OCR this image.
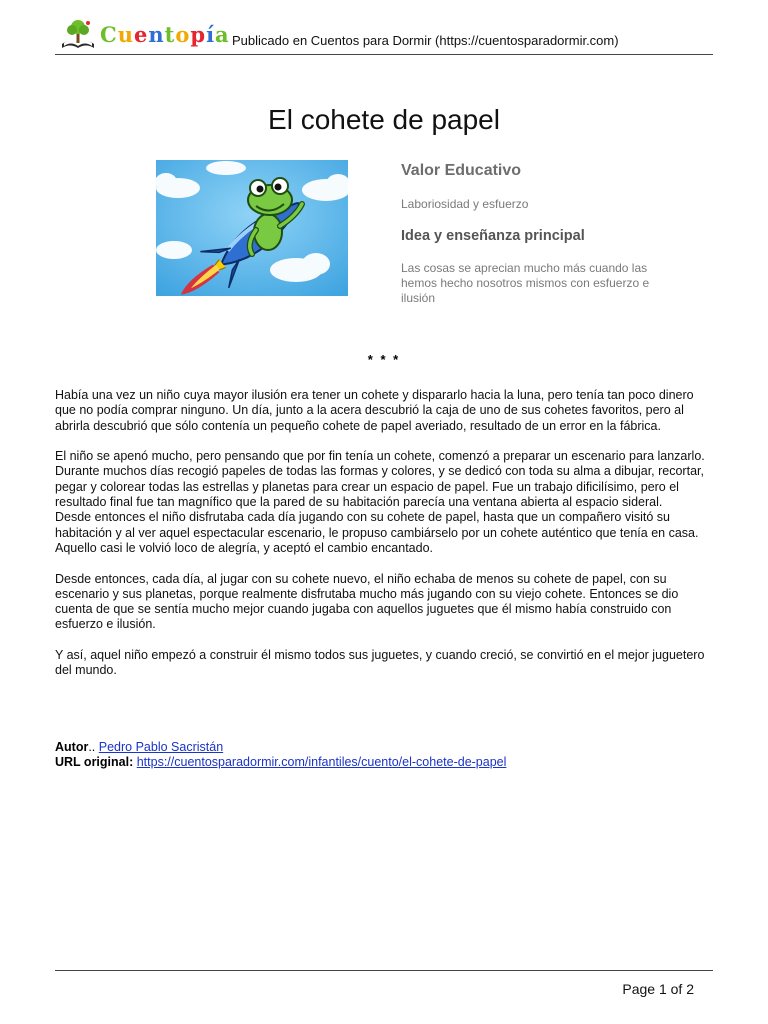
Cuentopía Publicado en Cuentos para Dormir (https://cuentosparadormir.com)
El cohete de papel
Valor Educativo
Laboriosidad y esfuerzo
Idea y enseñanza principal
Las cosas se aprecian mucho más cuando las hemos hecho nosotros mismos con esfuerzo e ilusión
* * *

Había una vez un niño cuya mayor ilusión era tener un cohete y dispararlo hacia la luna, pero tenía tan poco dinero que no podía comprar ninguno. Un día, junto a la acera descubrió la caja de uno de sus cohetes favoritos, pero al abrirla descubrió que sólo contenía un pequeño cohete de papel averiado, resultado de un error en la fábrica.

El niño se apenó mucho, pero pensando que por fin tenía un cohete, comenzó a preparar un escenario para lanzarlo. Durante muchos días recogió papeles de todas las formas y colores, y se dedicó con toda su alma a dibujar, recortar, pegar y colorear todas las estrellas y planetas para crear un espacio de papel. Fue un trabajo dificilísimo, pero el resultado final fue tan magnífico que la pared de su habitación parecía una ventana abierta al espacio sideral.

Desde entonces el niño disfrutaba cada día jugando con su cohete de papel, hasta que un compañero visitó su habitación y al ver aquel espectacular escenario, le propuso cambiárselo por un cohete auténtico que tenía en casa. Aquello casi le volvió loco de alegría, y aceptó el cambio encantado.

Desde entonces, cada día, al jugar con su cohete nuevo, el niño echaba de menos su cohete de papel, con su escenario y sus planetas, porque realmente disfrutaba mucho más jugando con su viejo cohete. Entonces se dio cuenta de que se sentía mucho mejor cuando jugaba con aquellos juguetes que él mismo había construido con esfuerzo e ilusión.

Y así, aquel niño empezó a construir él mismo todos sus juguetes, y cuando creció, se convirtió en el mejor juguetero del mundo.

Autor.. Pedro Pablo Sacristán
URL original: https://cuentosparadormir.com/infantiles/cuento/el-cohete-de-papel
Page 1 of 2
